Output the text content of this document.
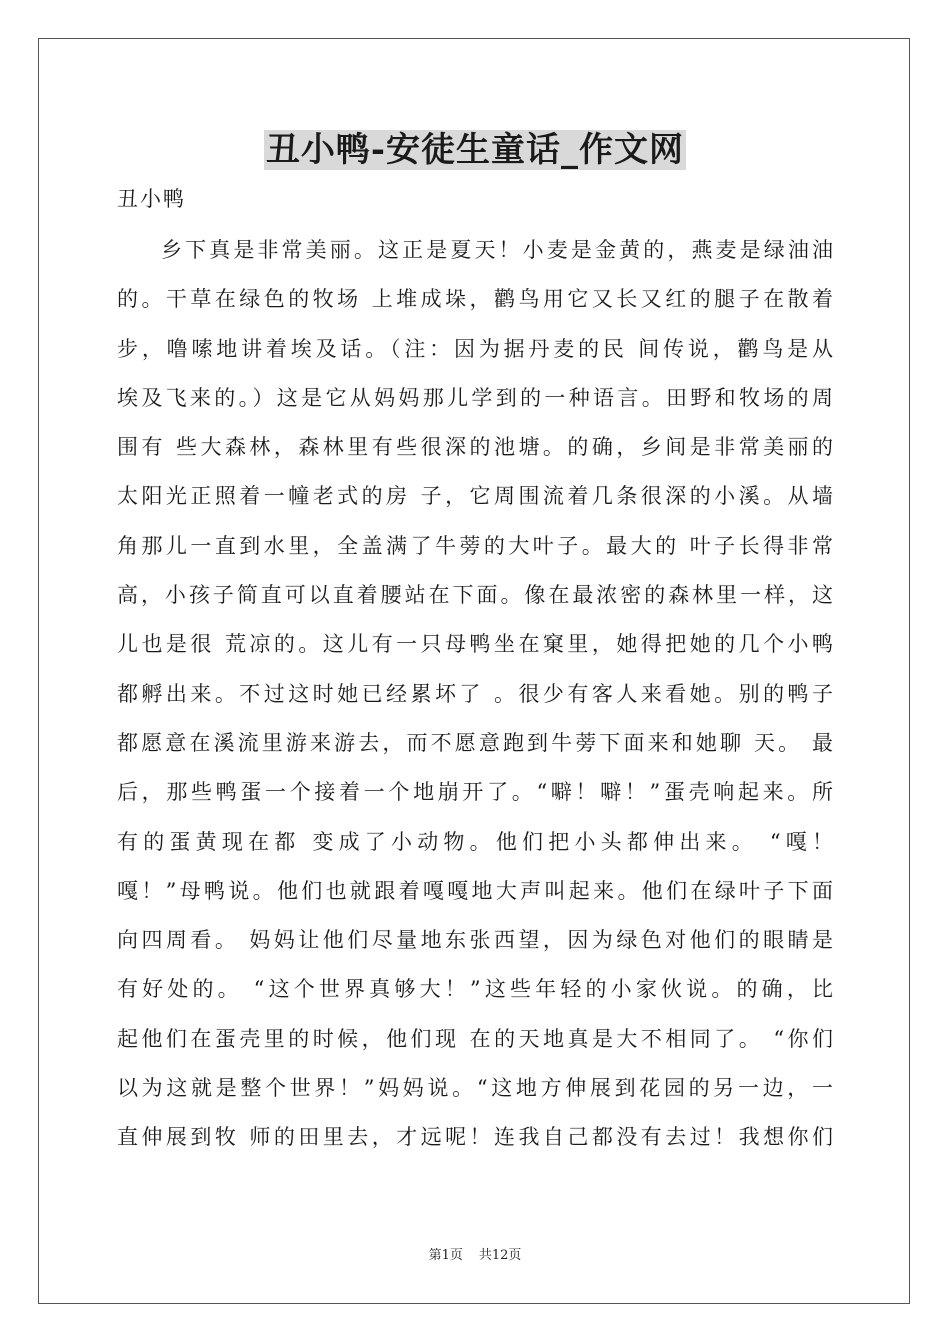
丑小鸭-安徒生童话_作文网

丑小鸭

乡下真是非常美丽。这正是夏天！小麦是金黄的，燕麦是绿油油
的。干草在绿色的牧场 上堆成垛，鹳鸟用它又长又红的腿子在散着
步，噜嗦地讲着埃及话。（注：因为据丹麦的民 间传说，鹳鸟是从
埃及飞来的。）这是它从妈妈那儿学到的一种语言。田野和牧场的周
围有 些大森林，森林里有些很深的池塘。的确，乡间是非常美丽的
太阳光正照着一幢老式的房 子，它周围流着几条很深的小溪。从墙
角那儿一直到水里，全盖满了牛蒡的大叶子。最大的 叶子长得非常
高，小孩子简直可以直着腰站在下面。像在最浓密的森林里一样，这
儿也是很 荒凉的。这儿有一只母鸭坐在窠里，她得把她的几个小鸭
都孵出来。不过这时她已经累坏了 。很少有客人来看她。别的鸭子
都愿意在溪流里游来游去，而不愿意跑到牛蒡下面来和她聊 天。 最
后，那些鸭蛋一个接着一个地崩开了。“噼！噼！”蛋壳响起来。所
有的蛋黄现在都 变成了小动物。他们把小头都伸出来。 “嘎！
嘎！”母鸭说。他们也就跟着嘎嘎地大声叫起来。他们在绿叶子下面
向四周看。 妈妈让他们尽量地东张西望，因为绿色对他们的眼睛是
有好处的。 “这个世界真够大！”这些年轻的小家伙说。的确，比
起他们在蛋壳里的时候，他们现 在的天地真是大不相同了。 “你们
以为这就是整个世界！”妈妈说。“这地方伸展到花园的另一边，一
直伸展到牧 师的田里去，才远呢！连我自己都没有去过！我想你们
第1页 共12页
